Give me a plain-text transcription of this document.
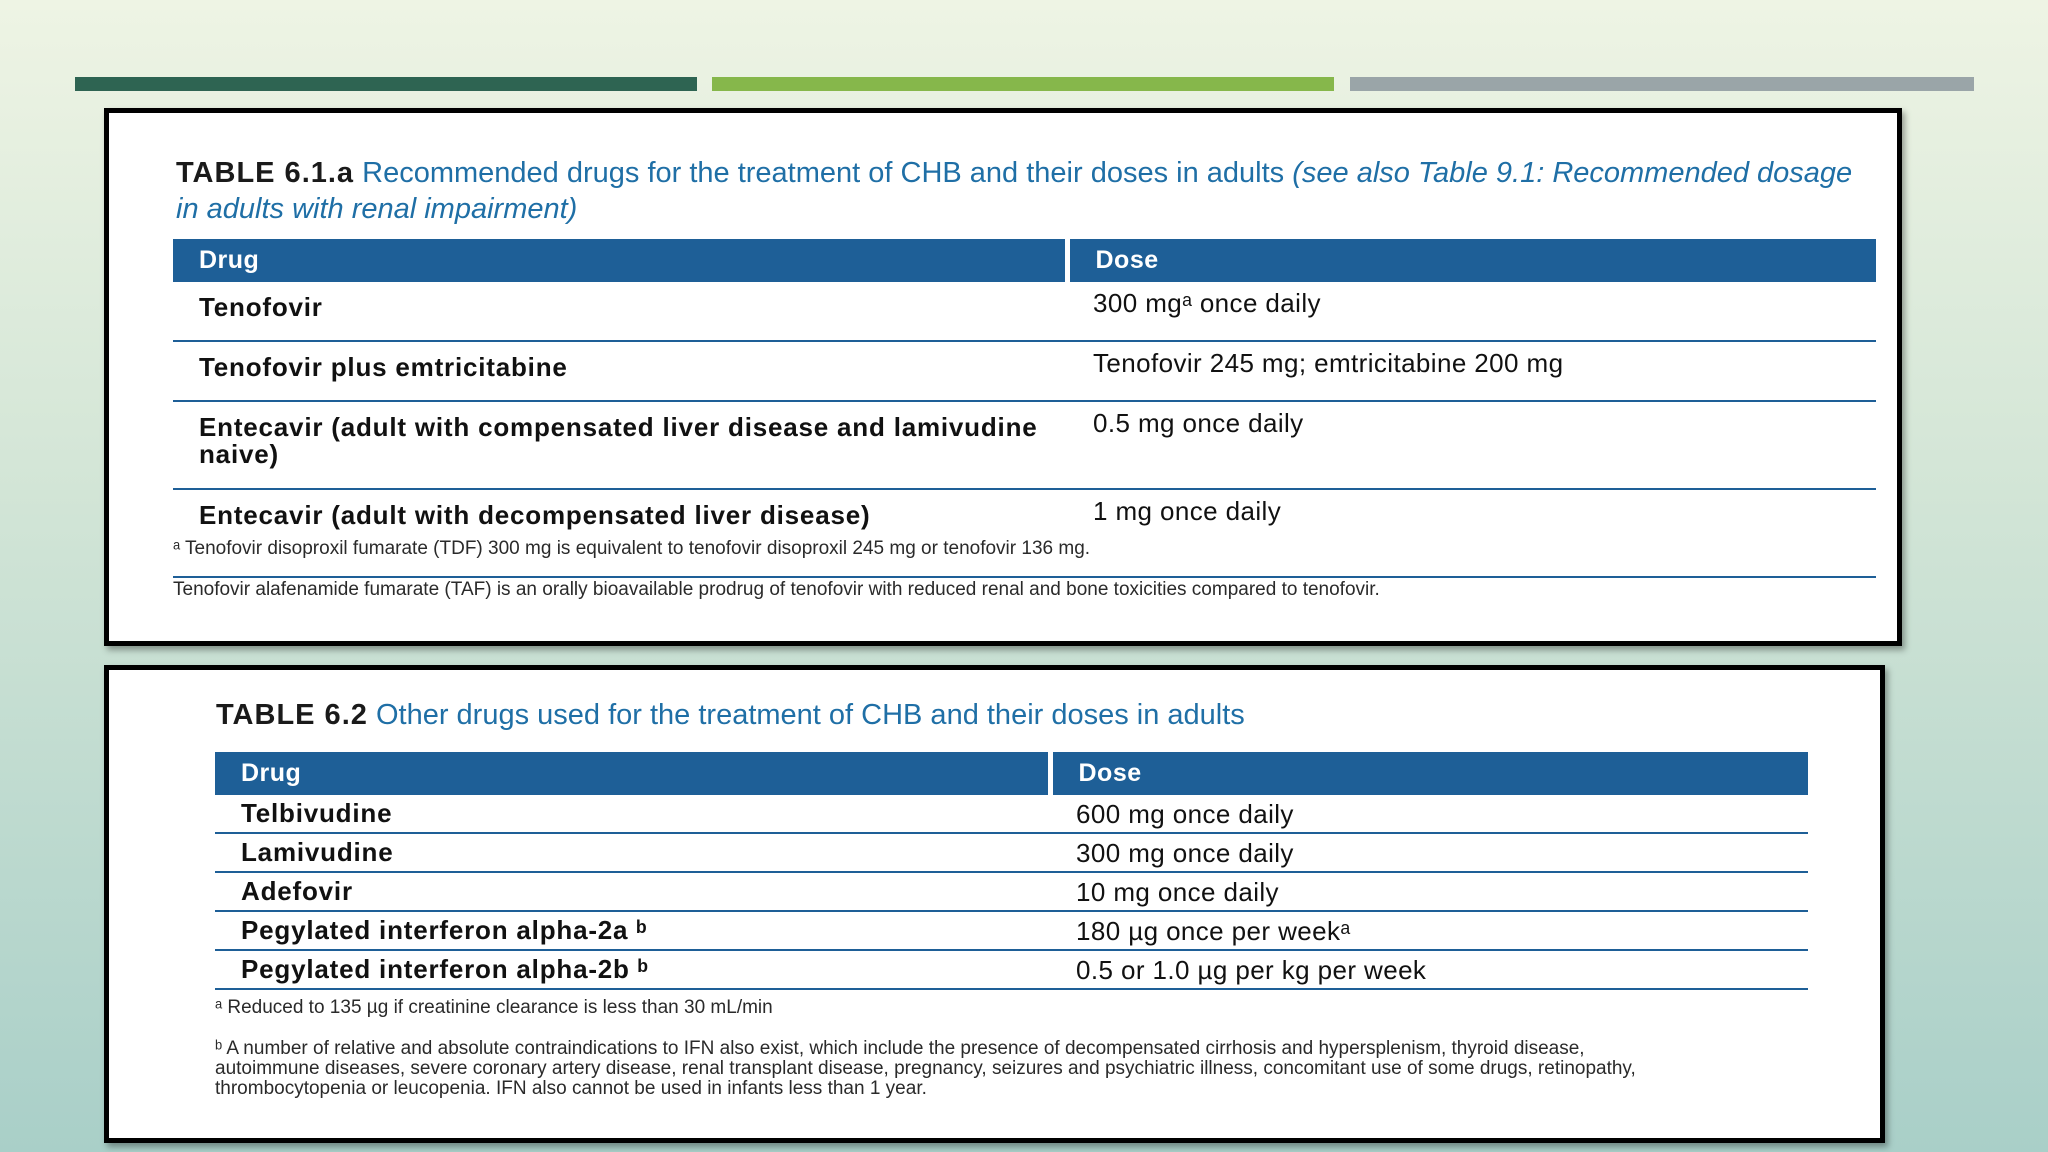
TABLE 6.1.a Recommended drugs for the treatment of CHB and their doses in adults (see also Table 9.1: Recommended dosage in adults with renal impairment)
Drug	Dose
Tenofovir	300 mgᵃ once daily
Tenofovir plus emtricitabine	Tenofovir 245 mg; emtricitabine 200 mg
Entecavir (adult with compensated liver disease and lamivudine naive)	0.5 mg once daily
Entecavir (adult with decompensated liver disease)	1 mg once daily
ᵃ Tenofovir disoproxil fumarate (TDF) 300 mg is equivalent to tenofovir disoproxil 245 mg or tenofovir 136 mg.
Tenofovir alafenamide fumarate (TAF) is an orally bioavailable prodrug of tenofovir with reduced renal and bone toxicities compared to tenofovir.
TABLE 6.2 Other drugs used for the treatment of CHB and their doses in adults
Drug	Dose
Telbivudine	600 mg once daily
Lamivudine	300 mg once daily
Adefovir	10 mg once daily
Pegylated interferon alpha-2a ᵇ	180 µg once per weekᵃ
Pegylated interferon alpha-2b ᵇ	0.5 or 1.0 µg per kg per week
ᵃ Reduced to 135 µg if creatinine clearance is less than 30 mL/min
ᵇ A number of relative and absolute contraindications to IFN also exist, which include the presence of decompensated cirrhosis and hypersplenism, thyroid disease, autoimmune diseases, severe coronary artery disease, renal transplant disease, pregnancy, seizures and psychiatric illness, concomitant use of some drugs, retinopathy, thrombocytopenia or leucopenia. IFN also cannot be used in infants less than 1 year.
